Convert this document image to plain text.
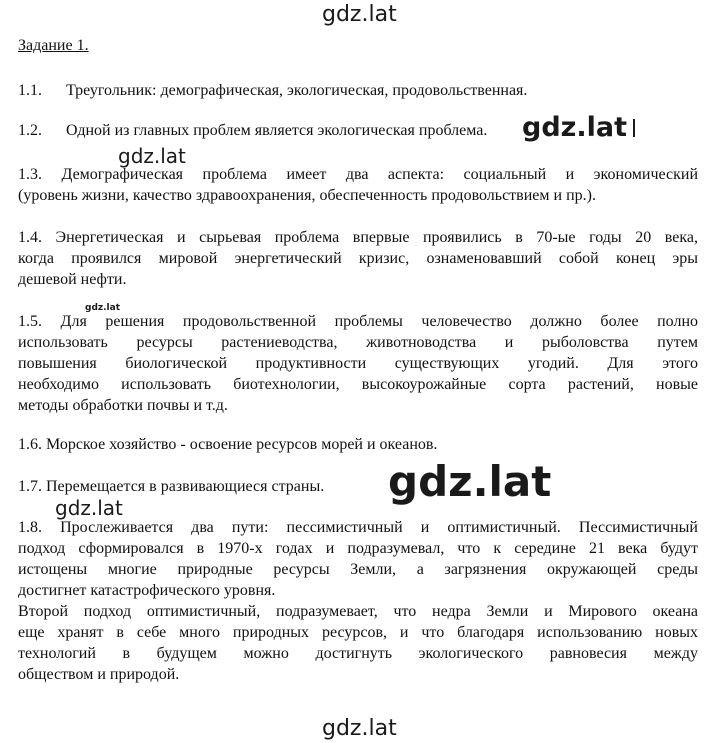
gdz.lat

Задание 1.

1.1. Треугольник: демографическая, экологическая, продовольственная.

1.2. Одной из главных проблем является экологическая проблема.	gdz.lat
gdz.lat

1.3. Демографическая проблема имеет два аспекта: социальный и экономический
(уровень жизни, качество здравоохранения, обеспеченность продовольствием и пр.).

1.4. Энергетическая и сырьевая проблема впервые проявились в 70-ые годы 20 века,
когда проявился мировой энергетический кризис, ознаменовавший собой конец эры
дешевой нефти.

gdz.lat

1.5. Для решения продовольственной проблемы человечество должно более полно
использовать ресурсы растениеводства, животноводства и рыболовства путем
повышения биологической продуктивности существующих угодий. Для этого
необходимо использовать биотехнологии, высокоурожайные сорта растений, новые
методы обработки почвы и т.д.

1.6. Морское хозяйство - освоение ресурсов морей и океанов.

1.7. Перемещается в развивающиеся страны.	gdz.lat
gdz.lat

1.8. Прослеживается два пути: пессимистичный и оптимистичный. Пессимистичный
подход сформировался в 1970-х годах и подразумевал, что к середине 21 века будут
истощены многие природные ресурсы Земли, а загрязнения окружающей среды
достигнет катастрофического уровня.
Второй подход оптимистичный, подразумевает, что недра Земли и Мирового океана
еще хранят в себе много природных ресурсов, и что благодаря использованию новых
технологий в будущем можно достигнуть экологического равновесия между
обществом и природой.

gdz.lat
